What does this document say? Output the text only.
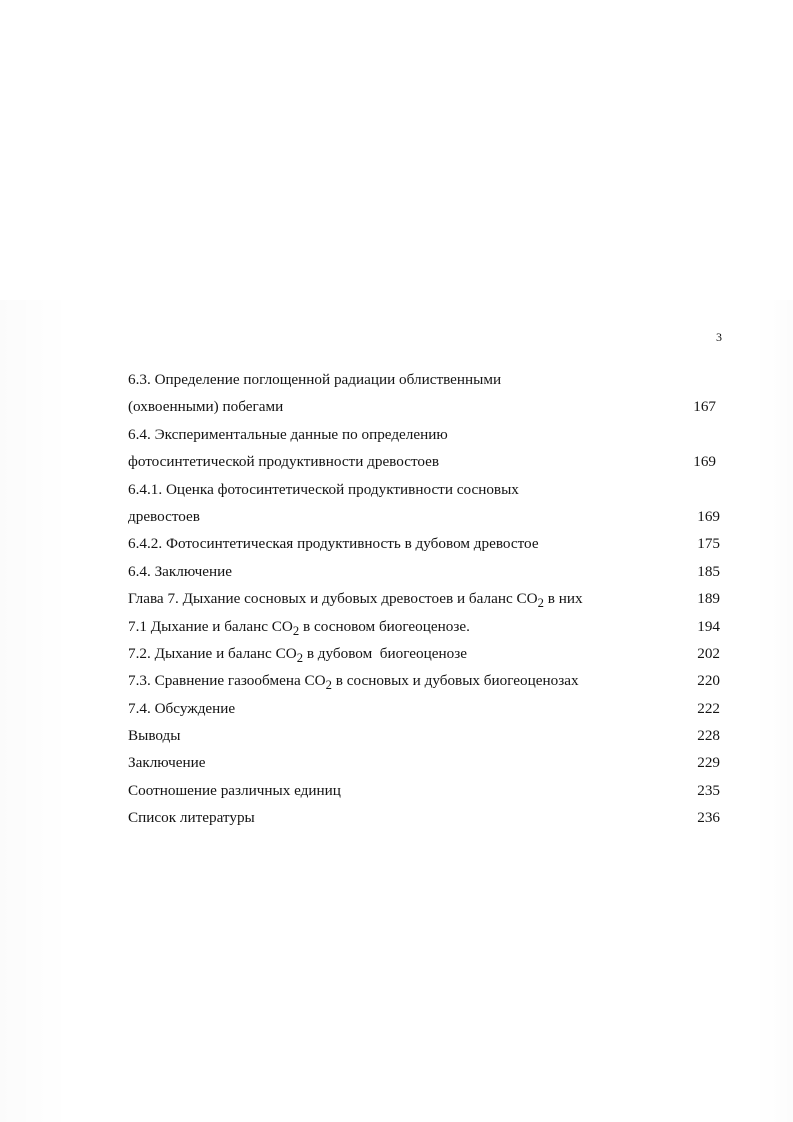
3
6.3. Определение поглощенной радиации облиственными
(охвоенными) побегами	167
6.4. Экспериментальные данные по определению
фотосинтетической продуктивности древостоев	169
6.4.1. Оценка фотосинтетической продуктивности сосновых
древостоев	169
6.4.2. Фотосинтетическая продуктивность в дубовом древостое	175
6.4. Заключение	185
Глава 7. Дыхание сосновых и дубовых древостоев и баланс $CO_2$ в них	189
7.1 Дыхание и баланс $CO_2$ в сосновом биогеоценозе.	194
7.2. Дыхание и баланс $CO_2$ в дубовом  биогеоценозе	202
7.3. Сравнение газообмена $CO_2$ в сосновых и дубовых биогеоценозах	220
7.4. Обсуждение	222
Выводы	228
Заключение	229
Соотношение различных единиц	235
Список литературы	236
